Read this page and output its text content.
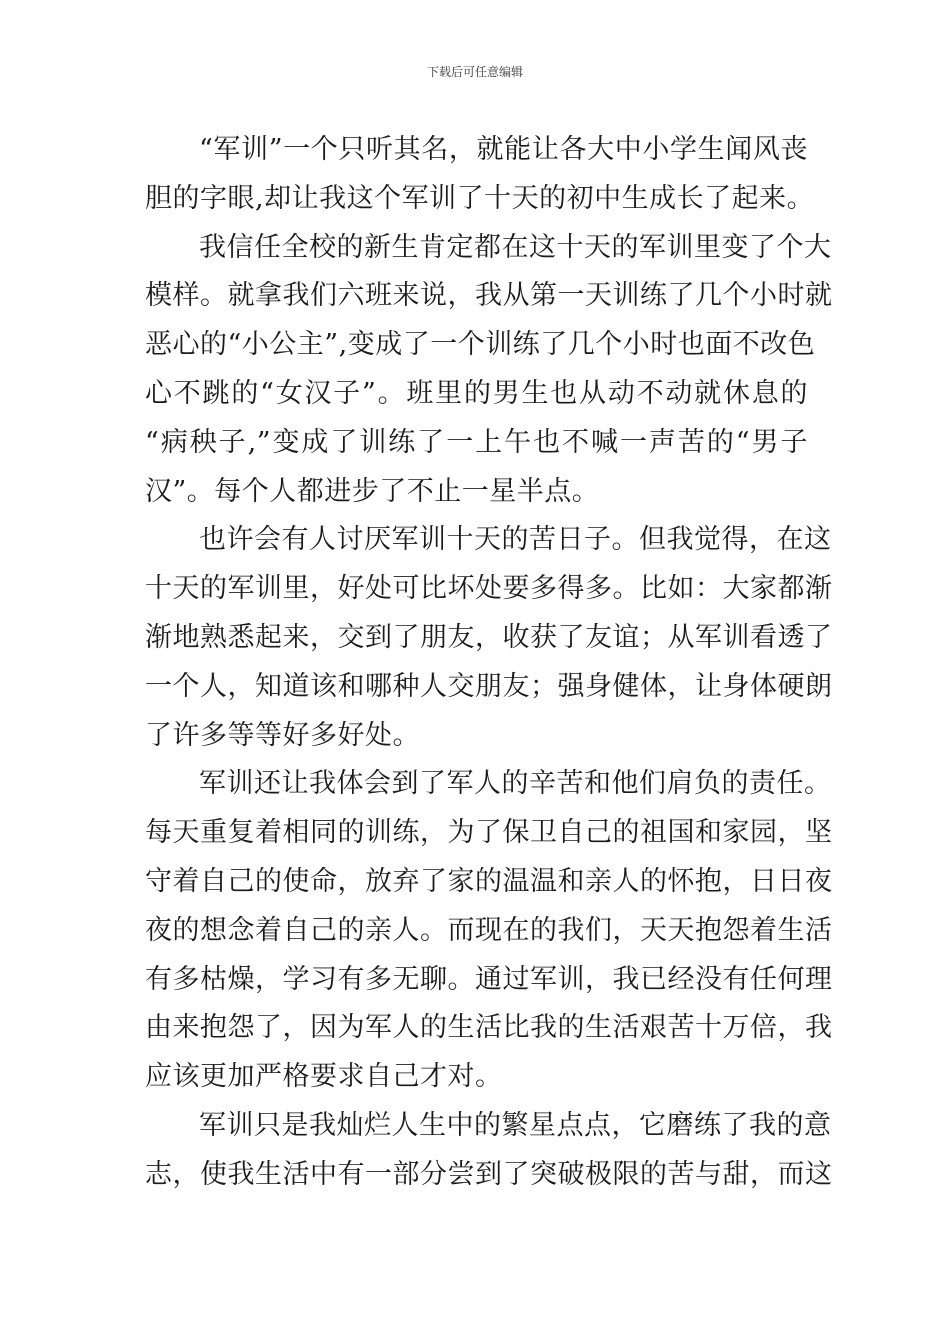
下载后可任意编辑
“军训”一个只听其名，就能让各大中小学生闻风丧
胆的字眼,却让我这个军训了十天的初中生成长了起来。
我信任全校的新生肯定都在这十天的军训里变了个大
模样。就拿我们六班来说，我从第一天训练了几个小时就
恶心的“小公主”,变成了一个训练了几个小时也面不改色
心不跳的“女汉子”。班里的男生也从动不动就休息的
“病秧子,”变成了训练了一上午也不喊一声苦的“男子
汉”。每个人都进步了不止一星半点。
也许会有人讨厌军训十天的苦日子。但我觉得，在这
十天的军训里，好处可比坏处要多得多。比如：大家都渐
渐地熟悉起来，交到了朋友，收获了友谊；从军训看透了
一个人，知道该和哪种人交朋友；强身健体，让身体硬朗
了许多等等好多好处。
军训还让我体会到了军人的辛苦和他们肩负的责任。
每天重复着相同的训练，为了保卫自己的祖国和家园，坚
守着自己的使命，放弃了家的温温和亲人的怀抱，日日夜
夜的想念着自己的亲人。而现在的我们，天天抱怨着生活
有多枯燥，学习有多无聊。通过军训，我已经没有任何理
由来抱怨了，因为军人的生活比我的生活艰苦十万倍，我
应该更加严格要求自己才对。
军训只是我灿烂人生中的繁星点点，它磨练了我的意
志，使我生活中有一部分尝到了突破极限的苦与甜，而这
